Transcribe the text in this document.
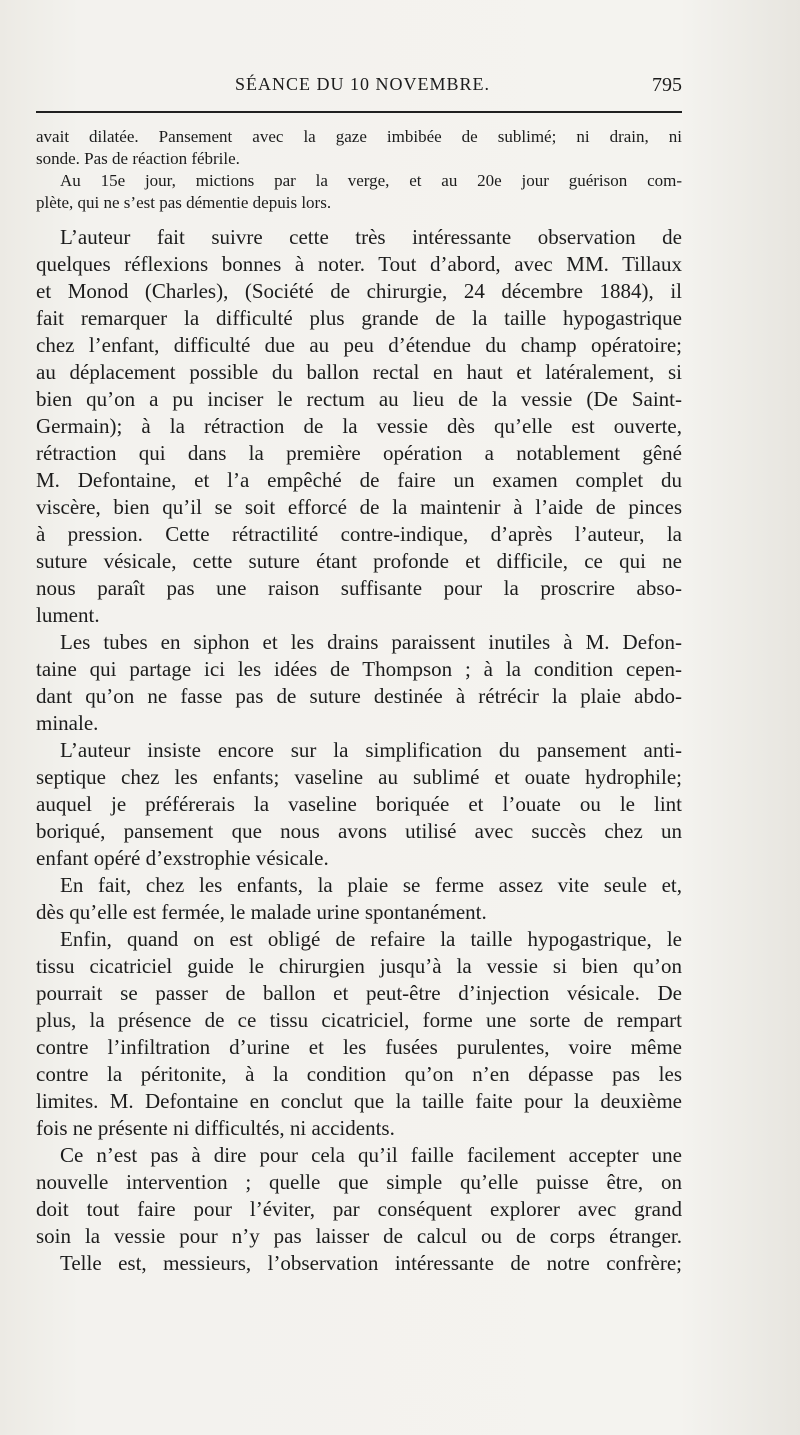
SÉANCE DU 10 NOVEMBRE.	795
avait dilatée. Pansement avec la gaze imbibée de sublimé; ni drain, ni
sonde. Pas de réaction fébrile.
Au 15e jour, mictions par la verge, et au 20e jour guérison com-
plète, qui ne s’est pas démentie depuis lors.
L’auteur fait suivre cette très intéressante observation de
quelques réflexions bonnes à noter. Tout d’abord, avec MM. Tillaux
et Monod (Charles), (Société de chirurgie, 24 décembre 1884), il
fait remarquer la difficulté plus grande de la taille hypogastrique
chez l’enfant, difficulté due au peu d’étendue du champ opératoire;
au déplacement possible du ballon rectal en haut et latéralement, si
bien qu’on a pu inciser le rectum au lieu de la vessie (De Saint-
Germain); à la rétraction de la vessie dès qu’elle est ouverte,
rétraction qui dans la première opération a notablement gêné
M. Defontaine, et l’a empêché de faire un examen complet du
viscère, bien qu’il se soit efforcé de la maintenir à l’aide de pinces
à pression. Cette rétractilité contre-indique, d’après l’auteur, la
suture vésicale, cette suture étant profonde et difficile, ce qui ne
nous paraît pas une raison suffisante pour la proscrire abso-
lument.
Les tubes en siphon et les drains paraissent inutiles à M. Defon-
taine qui partage ici les idées de Thompson ; à la condition cepen-
dant qu’on ne fasse pas de suture destinée à rétrécir la plaie abdo-
minale.
L’auteur insiste encore sur la simplification du pansement anti-
septique chez les enfants; vaseline au sublimé et ouate hydrophile;
auquel je préférerais la vaseline boriquée et l’ouate ou le lint
boriqué, pansement que nous avons utilisé avec succès chez un
enfant opéré d’exstrophie vésicale.
En fait, chez les enfants, la plaie se ferme assez vite seule et,
dès qu’elle est fermée, le malade urine spontanément.
Enfin, quand on est obligé de refaire la taille hypogastrique, le
tissu cicatriciel guide le chirurgien jusqu’à la vessie si bien qu’on
pourrait se passer de ballon et peut-être d’injection vésicale. De
plus, la présence de ce tissu cicatriciel, forme une sorte de rempart
contre l’infiltration d’urine et les fusées purulentes, voire même
contre la péritonite, à la condition qu’on n’en dépasse pas les
limites. M. Defontaine en conclut que la taille faite pour la deuxième
fois ne présente ni difficultés, ni accidents.
Ce n’est pas à dire pour cela qu’il faille facilement accepter une
nouvelle intervention ; quelle que simple qu’elle puisse être, on
doit tout faire pour l’éviter, par conséquent explorer avec grand
soin la vessie pour n’y pas laisser de calcul ou de corps étranger.
Telle est, messieurs, l’observation intéressante de notre confrère;
